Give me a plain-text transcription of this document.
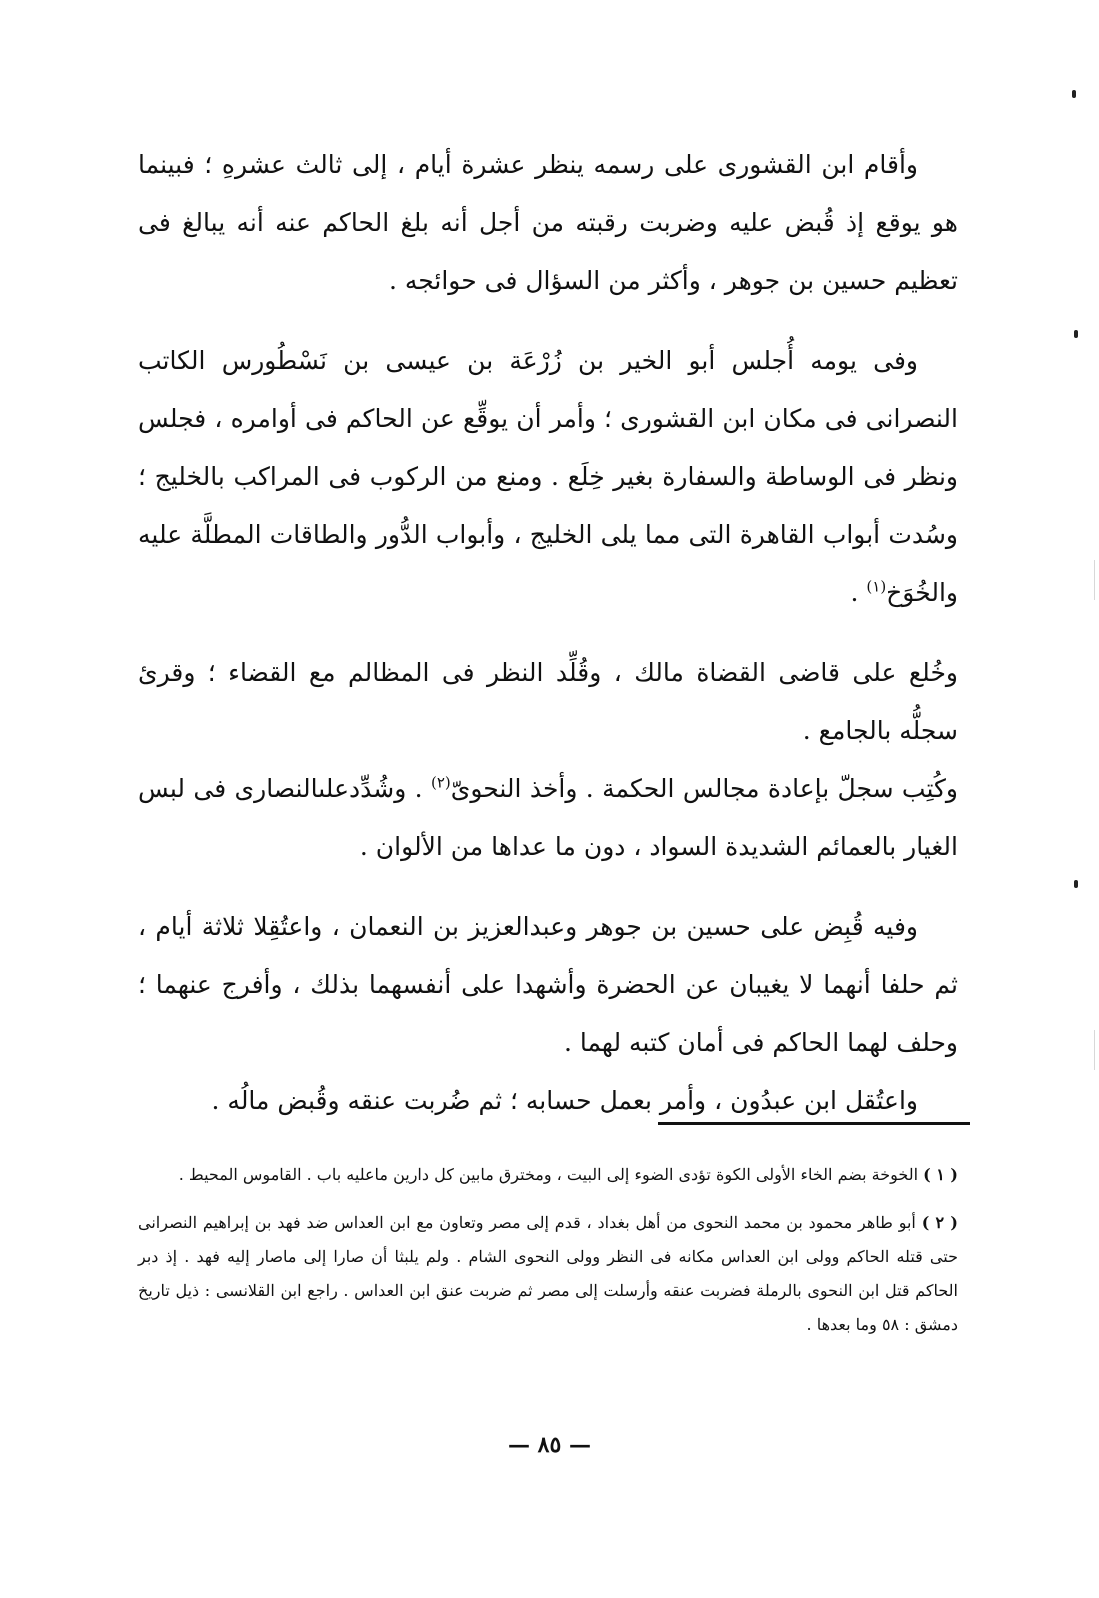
وأقام ابن القشورى على رسمه ينظر عشرة أيام ، إلى ثالث عشرهِ ؛ فبينما هو يوقع إذ قُبض عليه وضربت رقبته من أجل أنه بلغ الحاكم عنه أنه يبالغ فى تعظيم حسين بن جوهر ، وأكثر من السؤال فى حوائجه .

وفى يومه أُجلس أبو الخير بن زُرْعَة بن عيسى بن نَسْطُورس الكاتب النصرانى فى مكان ابن القشورى ؛ وأمر أن يوقِّع عن الحاكم فى أوامره ، فجلس ونظر فى الوساطة والسفارة بغير خِلَع . ومنع من الركوب فى المراكب بالخليج ؛ وسُدت أبواب القاهرة التى مما يلى الخليج ، وأبواب الدُّور والطاقات المطلَّة عليه والخُوَخ$^{(١)}$ .

وخُلع على قاضى القضاة مالك ، وقُلِّد النظر فى المظالم مع القضاء ؛ وقرئ سجلُّه بالجامع .

وكُتِب سجلّ بإعادة مجالس الحكمة . وأخذ النحوىّ$^{(٢)}$ . وشُدِّدعلىالنصارى فى لبس الغيار بالعمائم الشديدة السواد ، دون ما عداها من الألوان .

وفيه قُبِض على حسين بن جوهر وعبدالعزيز بن النعمان ، واعتُقِلا ثلاثة أيام ، ثم حلفا أنهما لا يغيبان عن الحضرة وأشهدا على أنفسهما بذلك ، وأفرج عنهما ؛ وحلف لهما الحاكم فى أمان كتبه لهما .

واعتُقل ابن عبدُون ، وأمر بعمل حسابه ؛ ثم ضُربت عنقه وقُبض مالُه .

( ١ ) الخوخة بضم الخاء الأولى الكوة تؤدى الضوء إلى البيت ، ومخترق مابين كل دارين ماعليه باب . القاموس المحيط .

( ٢ ) أبو طاهر محمود بن محمد النحوى من أهل بغداد ، قدم إلى مصر وتعاون مع ابن العداس ضد فهد بن إبراهيم النصرانى حتى قتله الحاكم وولى ابن العداس مكانه فى النظر وولى النحوى الشام . ولم يلبثا أن صارا إلى ماصار إليه فهد . إذ دبر الحاكم قتل ابن النحوى بالرملة فضربت عنقه وأرسلت إلى مصر ثم ضربت عنق ابن العداس . راجع ابن القلانسى : ذيل تاريخ دمشق : ٥٨ وما بعدها .

— ٨٥ —
